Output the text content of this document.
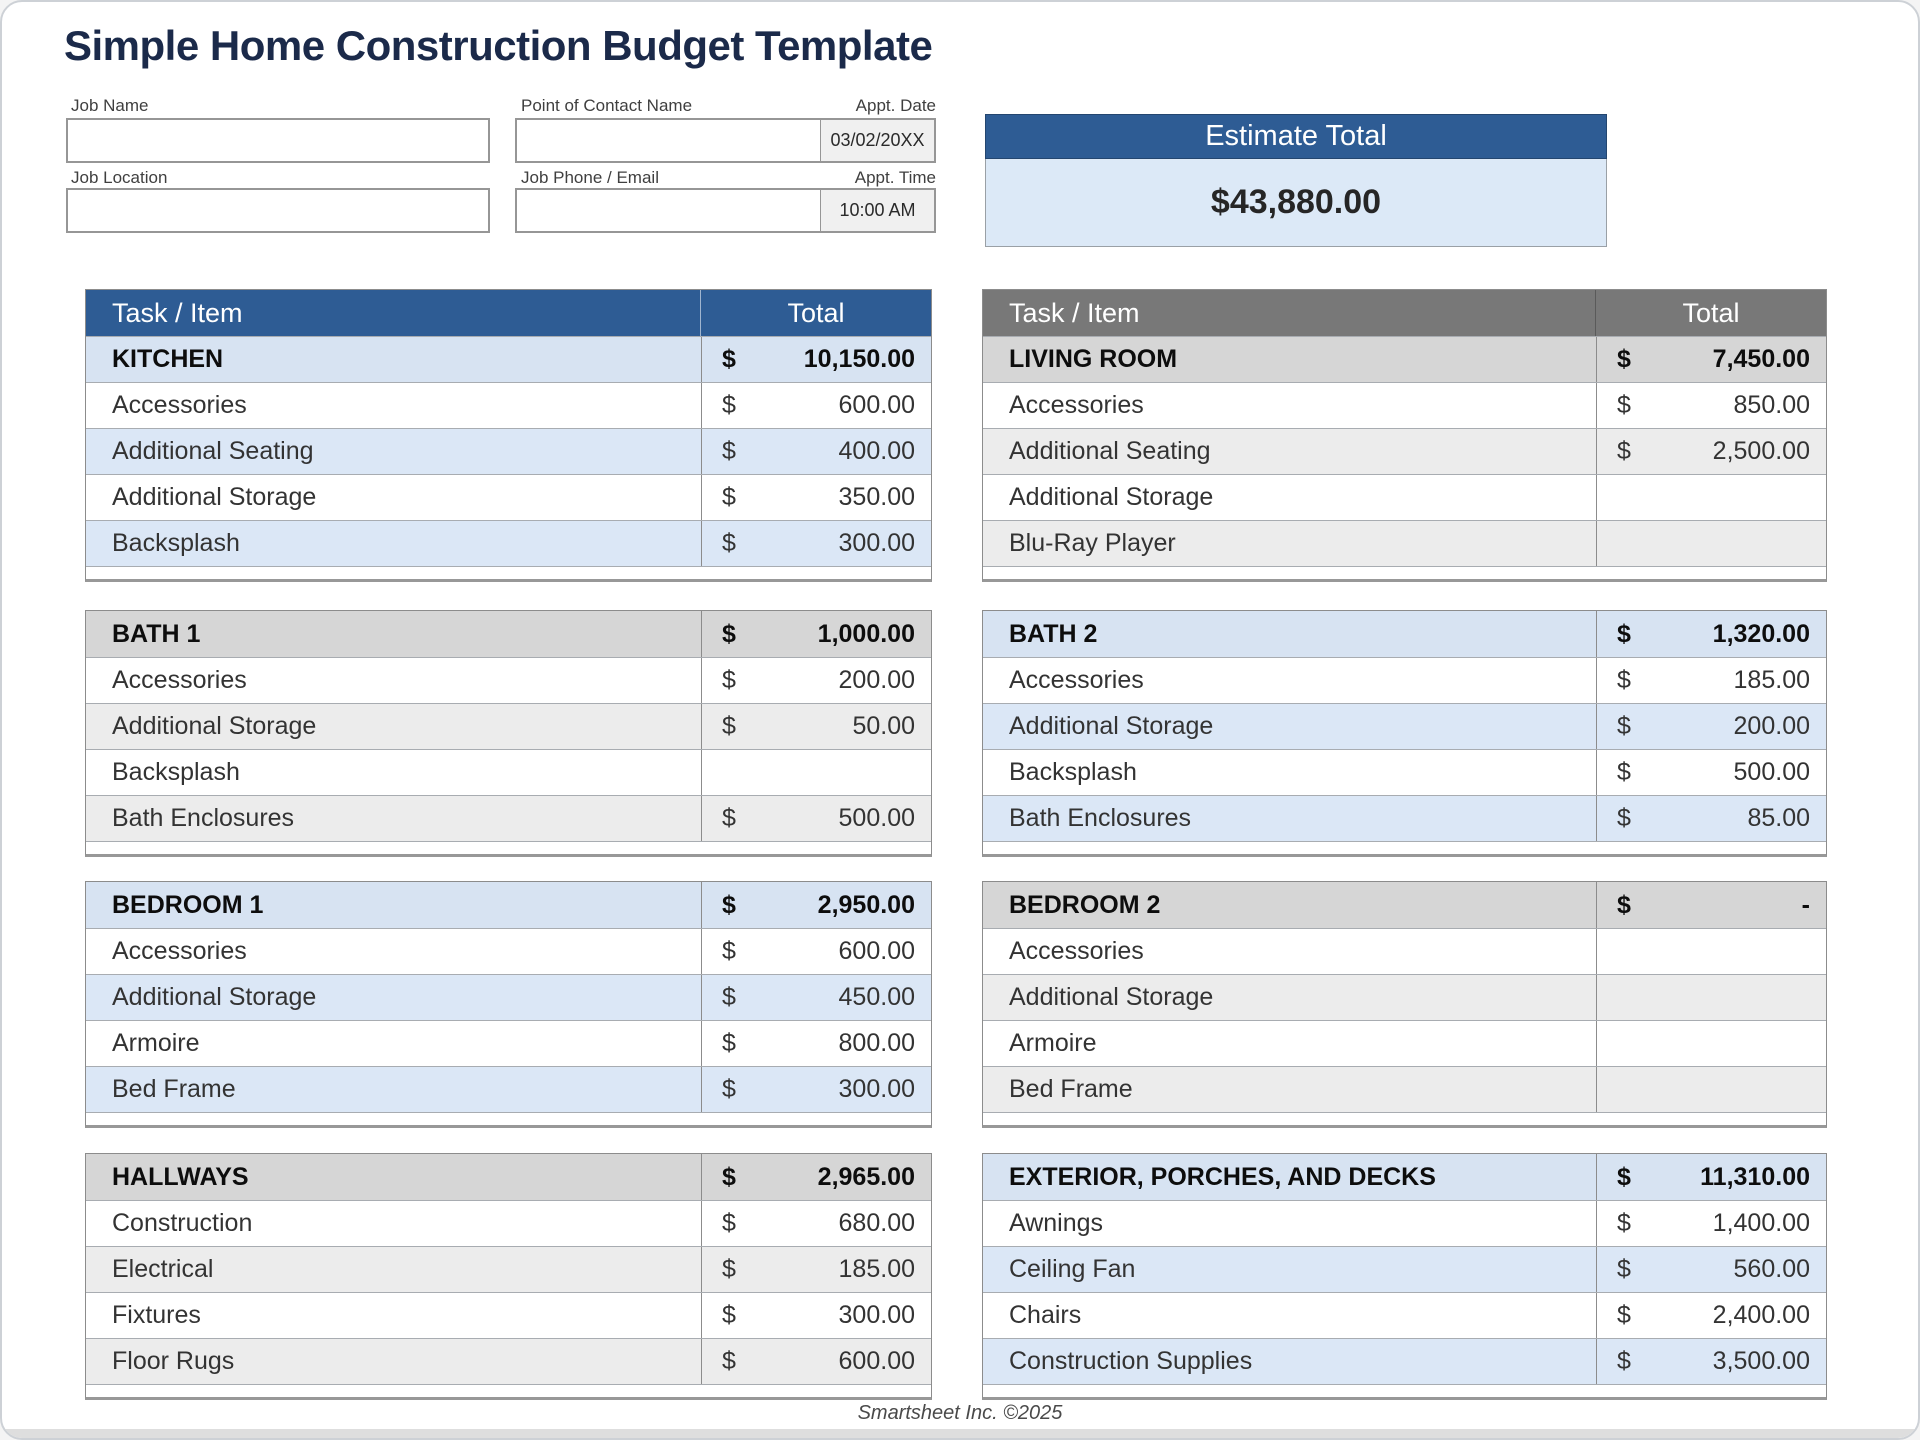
Simple Home Construction Budget Template
Job Name
Job Location
Point of Contact Name
Job Phone / Email
Appt. Date
03/02/20XX
Appt. Time
10:00 AM
Estimate Total
$43,880.00
Task / Item	Total
KITCHEN	$	10,150.00
Accessories	$	600.00
Additional Seating	$	400.00
Additional Storage	$	350.00
Backsplash	$	300.00
Task / Item	Total
LIVING ROOM	$	7,450.00
Accessories	$	850.00
Additional Seating	$	2,500.00
Additional Storage
Blu-Ray Player
BATH 1	$	1,000.00
Accessories	$	200.00
Additional Storage	$	50.00
Backsplash
Bath Enclosures	$	500.00
BATH 2	$	1,320.00
Accessories	$	185.00
Additional Storage	$	200.00
Backsplash	$	500.00
Bath Enclosures	$	85.00
BEDROOM 1	$	2,950.00
Accessories	$	600.00
Additional Storage	$	450.00
Armoire	$	800.00
Bed Frame	$	300.00
BEDROOM 2	$	-
Accessories
Additional Storage
Armoire
Bed Frame
HALLWAYS	$	2,965.00
Construction	$	680.00
Electrical	$	185.00
Fixtures	$	300.00
Floor Rugs	$	600.00
EXTERIOR, PORCHES, AND DECKS	$	11,310.00
Awnings	$	1,400.00
Ceiling Fan	$	560.00
Chairs	$	2,400.00
Construction Supplies	$	3,500.00
Smartsheet Inc. ©2025
